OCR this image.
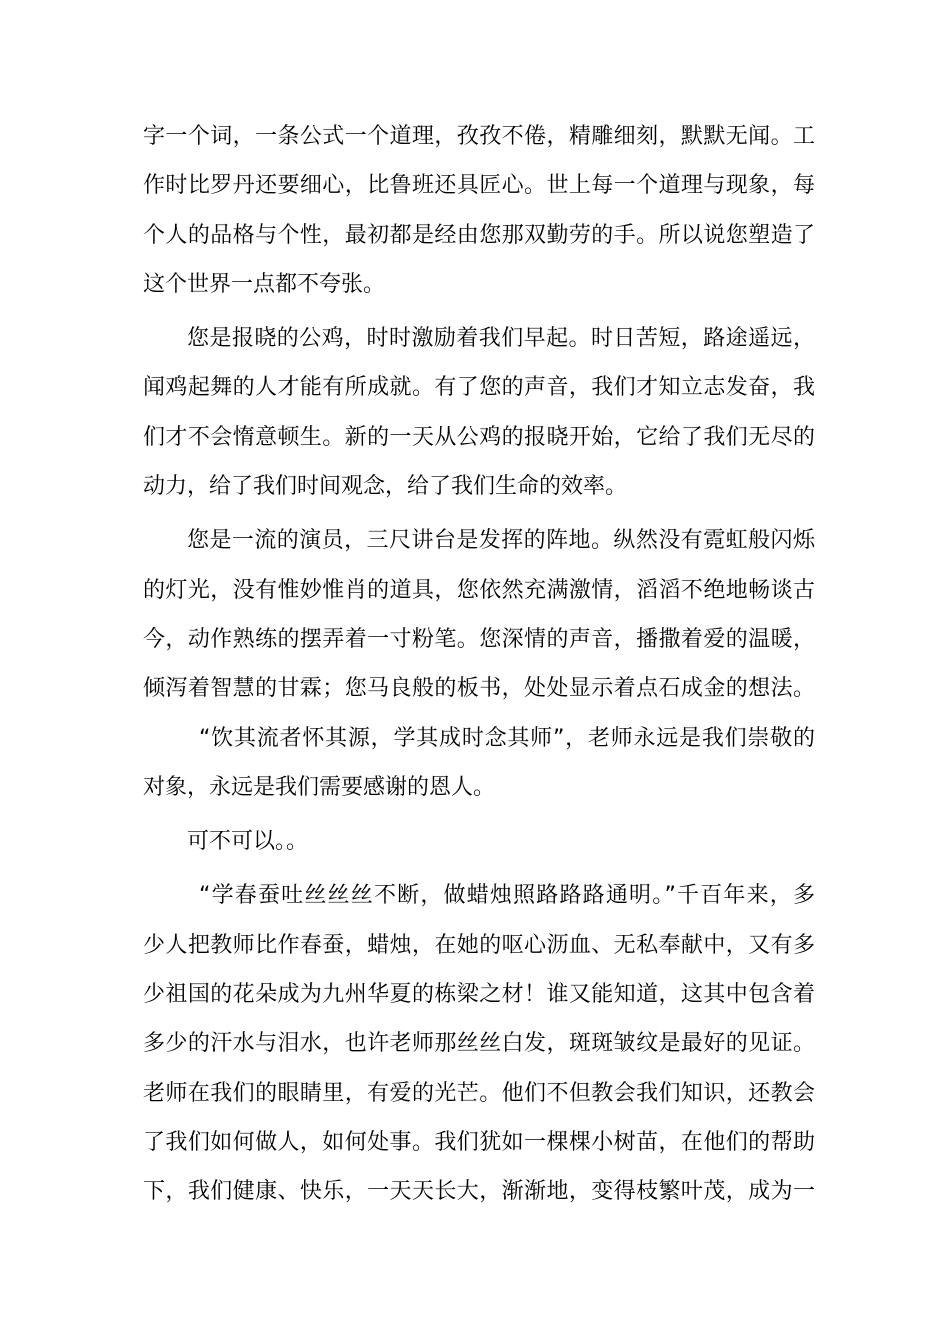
字一个词，一条公式一个道理，孜孜不倦，精雕细刻，默默无闻。工
作时比罗丹还要细心，比鲁班还具匠心。世上每一个道理与现象，每
个人的品格与个性，最初都是经由您那双勤劳的手。所以说您塑造了
这个世界一点都不夸张。
您是报晓的公鸡，时时激励着我们早起。时日苦短，路途遥远，
闻鸡起舞的人才能有所成就。有了您的声音，我们才知立志发奋，我
们才不会惰意顿生。新的一天从公鸡的报晓开始，它给了我们无尽的
动力，给了我们时间观念，给了我们生命的效率。
您是一流的演员，三尺讲台是发挥的阵地。纵然没有霓虹般闪烁
的灯光，没有惟妙惟肖的道具，您依然充满激情，滔滔不绝地畅谈古
今，动作熟练的摆弄着一寸粉笔。您深情的声音，播撒着爱的温暖，
倾泻着智慧的甘霖；您马良般的板书，处处显示着点石成金的想法。
“饮其流者怀其源，学其成时念其师”，老师永远是我们崇敬的
对象，永远是我们需要感谢的恩人。
可不可以。。
“学春蚕吐丝丝丝不断，做蜡烛照路路路通明。”千百年来，多
少人把教师比作春蚕，蜡烛，在她的呕心沥血、无私奉献中，又有多
少祖国的花朵成为九州华夏的栋梁之材！谁又能知道，这其中包含着
多少的汗水与泪水，也许老师那丝丝白发，斑斑皱纹是最好的见证。
老师在我们的眼睛里，有爱的光芒。他们不但教会我们知识，还教会
了我们如何做人，如何处事。我们犹如一棵棵小树苗，在他们的帮助
下，我们健康、快乐，一天天长大，渐渐地，变得枝繁叶茂，成为一
